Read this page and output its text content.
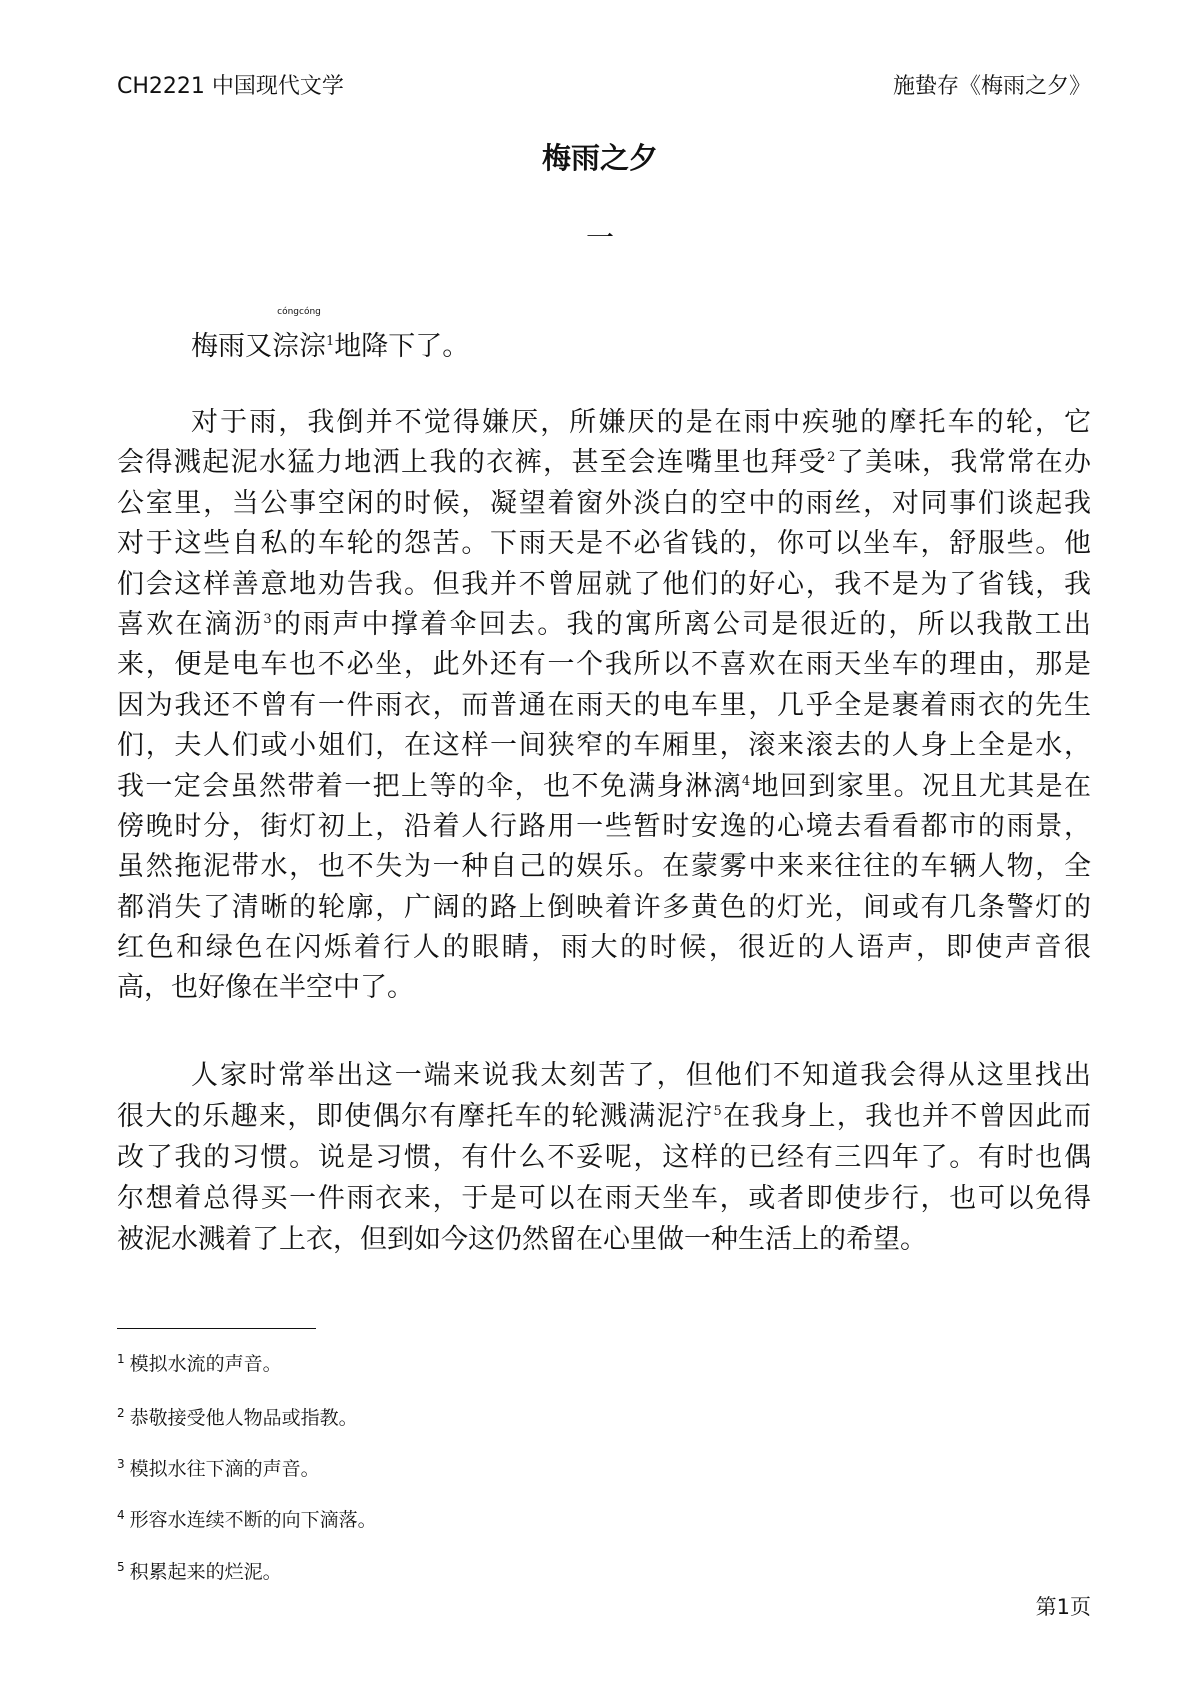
CH2221 中国现代文学	施蛰存《梅雨之夕》
梅雨之夕
一
梅雨又淙淙
cóngcóng
$^1$地降下了。
对于雨，我倒并不觉得嫌厌，所嫌厌的是在雨中疾驰的摩托车的轮，它
会得溅起泥水猛力地洒上我的衣裤，甚至会连嘴里也拜受$^2$了美味，我常常在办
公室里，当公事空闲的时候，凝望着窗外淡白的空中的雨丝，对同事们谈起我
对于这些自私的车轮的怨苦。下雨天是不必省钱的，你可以坐车，舒服些。他
们会这样善意地劝告我。但我并不曾屈就了他们的好心，我不是为了省钱，我
喜欢在滴沥$^3$的雨声中撑着伞回去。我的寓所离公司是很近的，所以我散工出
来，便是电车也不必坐，此外还有一个我所以不喜欢在雨天坐车的理由，那是
因为我还不曾有一件雨衣，而普通在雨天的电车里，几乎全是裹着雨衣的先生
们，夫人们或小姐们，在这样一间狭窄的车厢里，滚来滚去的人身上全是水，
我一定会虽然带着一把上等的伞，也不免满身淋漓$^4$地回到家里。况且尤其是在
傍晚时分，街灯初上，沿着人行路用一些暂时安逸的心境去看看都市的雨景，
虽然拖泥带水，也不失为一种自己的娱乐。在蒙雾中来来往往的车辆人物，全
都消失了清晰的轮廓，广阔的路上倒映着许多黄色的灯光，间或有几条警灯的
红色和绿色在闪烁着行人的眼睛，雨大的时候，很近的人语声，即使声音很
高，也好像在半空中了。
人家时常举出这一端来说我太刻苦了，但他们不知道我会得从这里找出
很大的乐趣来，即使偶尔有摩托车的轮溅满泥泞$^5$在我身上，我也并不曾因此而
改了我的习惯。说是习惯，有什么不妥呢，这样的已经有三四年了。有时也偶
尔想着总得买一件雨衣来，于是可以在雨天坐车，或者即使步行，也可以免得
被泥水溅着了上衣，但到如今这仍然留在心里做一种生活上的希望。
$^1$ 模拟水流的声音。
$^2$ 恭敬接受他人物品或指教。
$^3$ 模拟水往下滴的声音。
$^4$ 形容水连续不断的向下滴落。
$^5$ 积累起来的烂泥。
第1页
